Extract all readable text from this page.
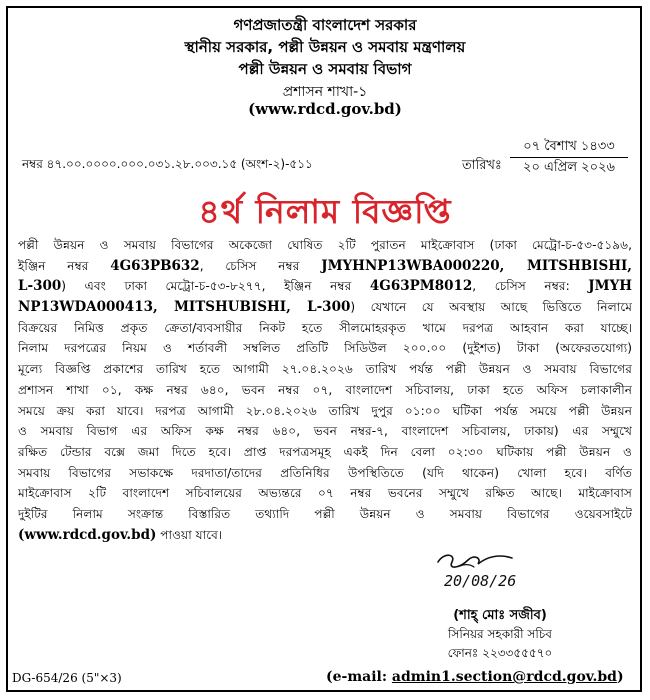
গণপ্রজাতন্ত্রী বাংলাদেশ সরকার
স্থানীয় সরকার, পল্লী উন্নয়ন ও সমবায় মন্ত্রণালয়
পল্লী উন্নয়ন ও সমবায় বিভাগ
প্রশাসন শাখা-১
(www.rdcd.gov.bd)
নম্বর ৪৭.০০.০০০০.০০০.০৩১.২৮.০০৩.১৫ (অংশ-২)-৫১১	তারিখঃ
০৭ বৈশাখ ১৪৩৩
২০ এপ্রিল ২০২৬
৪র্থ নিলাম বিজ্ঞপ্তি
পল্লী উন্নয়ন ও সমবায় বিভাগের অকেজো ঘোষিত ২টি পুরাতন মাইক্রোবাস (ঢাকা মেট্রো-চ-৫৩-৫১৯৬,
ইঞ্জিন নম্বর 4G63PB632, চেসিস নম্বর JMYHNP13WBA000220, MITSHBISHI,
L-300) এবং ঢাকা মেট্রো-চ-৫৩-৮২৭৭, ইঞ্জিন নম্বর 4G63PM8012, চেসিস নম্বর: JMYH
NP13WDA000413, MITSHUBISHI, L-300) যেখানে যে অবস্থায় আছে ভিত্তিতে নিলামে
বিক্রয়ের নিমিত্ত প্রকৃত ক্রেতা/ব্যবসায়ীর নিকট হতে সীলমোহরকৃত খামে দরপত্র আহবান করা যাচ্ছে।
নিলাম দরপত্রের নিয়ম ও শর্তাবলী সম্বলিত প্রতিটি সিডিউল ২০০.০০ (দুইশত) টাকা (অফেরতযোগ্য)
মূল্যে বিজ্ঞপ্তি প্রকাশের তারিখ হতে আগামী ২৭.০৪.২০২৬ তারিখ পর্যন্ত পল্লী উন্নয়ন ও সমবায় বিভাগের
প্রশাসন শাখা ০১, কক্ষ নম্বর ৬৪০, ভবন নম্বর ০৭, বাংলাদেশ সচিবালয়, ঢাকা হতে অফিস চলাকালীন
সময়ে ক্রয় করা যাবে। দরপত্র আগামী ২৮.০৪.২০২৬ তারিখ দুপুর ০১:০০ ঘটিকা পর্যন্ত সময়ে পল্লী উন্নয়ন
ও সমবায় বিভাগ এর অফিস কক্ষ নম্বর ৬৪০, ভবন নম্বর-৭, বাংলাদেশ সচিবালয়, ঢাকায়) এর সম্মুখে
রক্ষিত টেন্ডার বক্সে জমা দিতে হবে। প্রাপ্ত দরপত্রসমূহ একই দিন বেলা ০২:৩০ ঘটিকায় পল্লী উন্নয়ন ও
সমবায় বিভাগের সভাকক্ষে দরদাতা/তাদের প্রতিনিধির উপস্থিতিতে (যদি থাকেন) খোলা হবে। বর্ণিত
মাইক্রোবাস ২টি বাংলাদেশ সচিবালয়ের অভ্যন্তরে ০৭ নম্বর ভবনের সম্মুখে রক্ষিত আছে। মাইক্রোবাস
দুইটির নিলাম সংক্রান্ত বিস্তারিত তথ্যাদি পল্লী উন্নয়ন ও সমবায় বিভাগের ওয়েবসাইটে
(www.rdcd.gov.bd) পাওয়া যাবে।
20/08/26
(শাহ্ মোঃ সজীব)
সিনিয়র সহকারী সচিব
ফোনঃ ২২৩৩৫৫৫৭০
DG-654/26 (5"×3)	(e-mail: admin1.section@rdcd.gov.bd)
